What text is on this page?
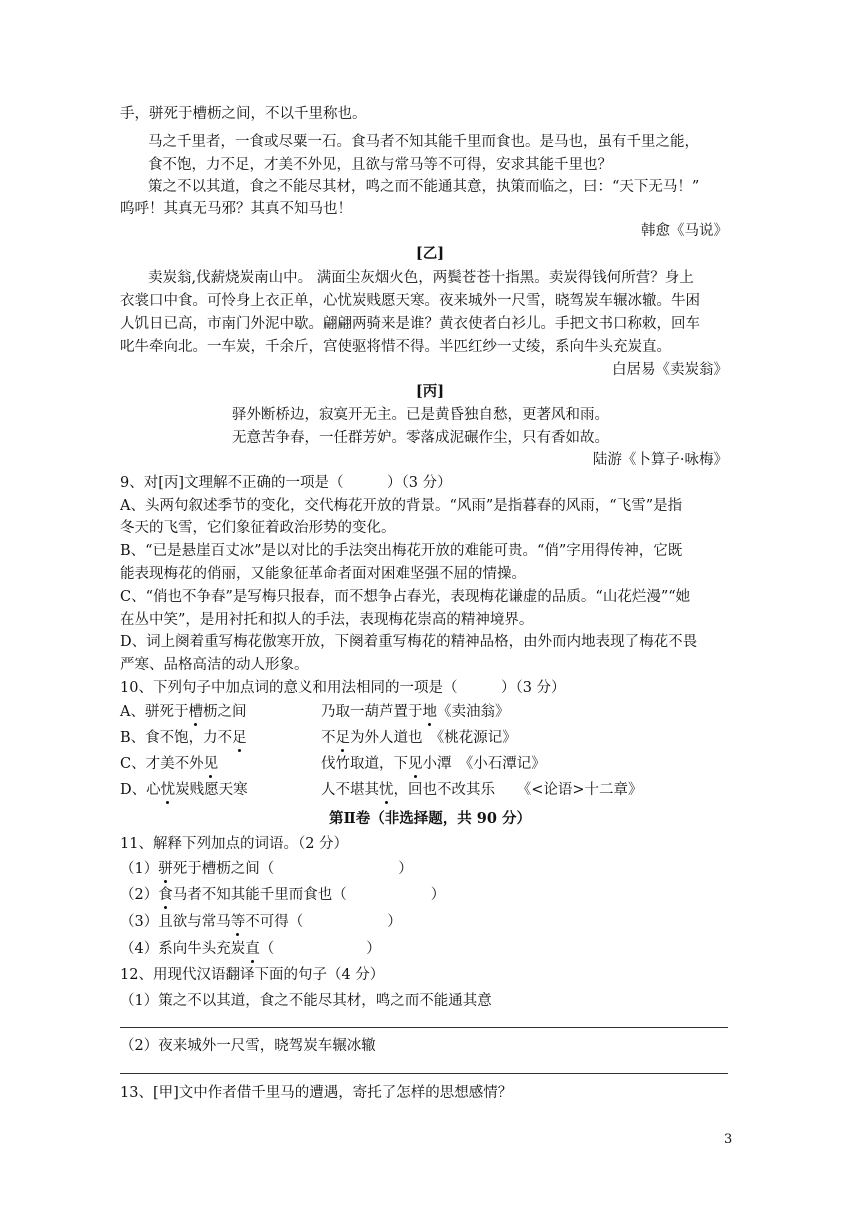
手，骈死于槽枥之间，不以千里称也。
马之千里者，一食或尽粟一石。食马者不知其能千里而食也。是马也，虽有千里之能，
食不饱，力不足，才美不外见，且欲与常马等不可得，安求其能千里也？
策之不以其道，食之不能尽其材，鸣之而不能通其意，执策而临之，曰：“天下无马！”
呜呼！其真无马邪？其真不知马也！
韩愈《马说》
[乙]
卖炭翁,伐薪烧炭南山中。 满面尘灰烟火色，两鬓苍苍十指黑。卖炭得钱何所营？身上
衣裳口中食。可怜身上衣正单，心忧炭贱愿天寒。夜来城外一尺雪，晓驾炭车辗冰辙。牛困
人饥日已高，市南门外泥中歇。翩翩两骑来是谁？黄衣使者白衫儿。手把文书口称敕，回车
叱牛牵向北。一车炭，千余斤，宫使驱将惜不得。半匹红纱一丈绫，系向牛头充炭直。
白居易《卖炭翁》
[丙]
驿外断桥边，寂寞开无主。已是黄昏独自愁，更著风和雨。
无意苦争春，一任群芳妒。零落成泥碾作尘，只有香如故。
陆游《卜算子·咏梅》
9、对[丙]文理解不正确的一项是（　　　）（3 分）
A、头两句叙述季节的变化，交代梅花开放的背景。“风雨”是指暮春的风雨，“飞雪”是指
冬天的飞雪，它们象征着政治形势的变化。
B、“已是悬崖百丈冰”是以对比的手法突出梅花开放的难能可贵。“俏”字用得传神，它既
能表现梅花的俏丽，又能象征革命者面对困难坚强不屈的情操。
C、“俏也不争春”是写梅只报春，而不想争占春光，表现梅花谦虚的品质。“山花烂漫”“她
在丛中笑”，是用衬托和拟人的手法，表现梅花崇高的精神境界。
D、词上阕着重写梅花傲寒开放，下阕着重写梅花的精神品格，由外而内地表现了梅花不畏
严寒、品格高洁的动人形象。
10、下列句子中加点词的意义和用法相同的一项是（　　　）（3 分）
A、骈死于槽枥之间	乃取一葫芦置于地《卖油翁》
B、食不饱，力不足	不足为外人道也　《桃花源记》
C、才美不外见	伐竹取道，下见小潭　《小石潭记》
D、心忧炭贱愿天寒	人不堪其忧，回也不改其乐　　《<论语>十二章》
第Ⅱ卷（非选择题，共 90 分）
11、解释下列加点的词语。（2 分）
（1）骈死于槽枥之间（	）
（2）食马者不知其能千里而食也（	）
（3）且欲与常马等不可得（	）
（4）系向牛头充炭直（	）
12、用现代汉语翻译下面的句子（4 分）
（1）策之不以其道，食之不能尽其材，鸣之而不能通其意
（2）夜来城外一尺雪，晓驾炭车辗冰辙
13、[甲]文中作者借千里马的遭遇，寄托了怎样的思想感情？
3
